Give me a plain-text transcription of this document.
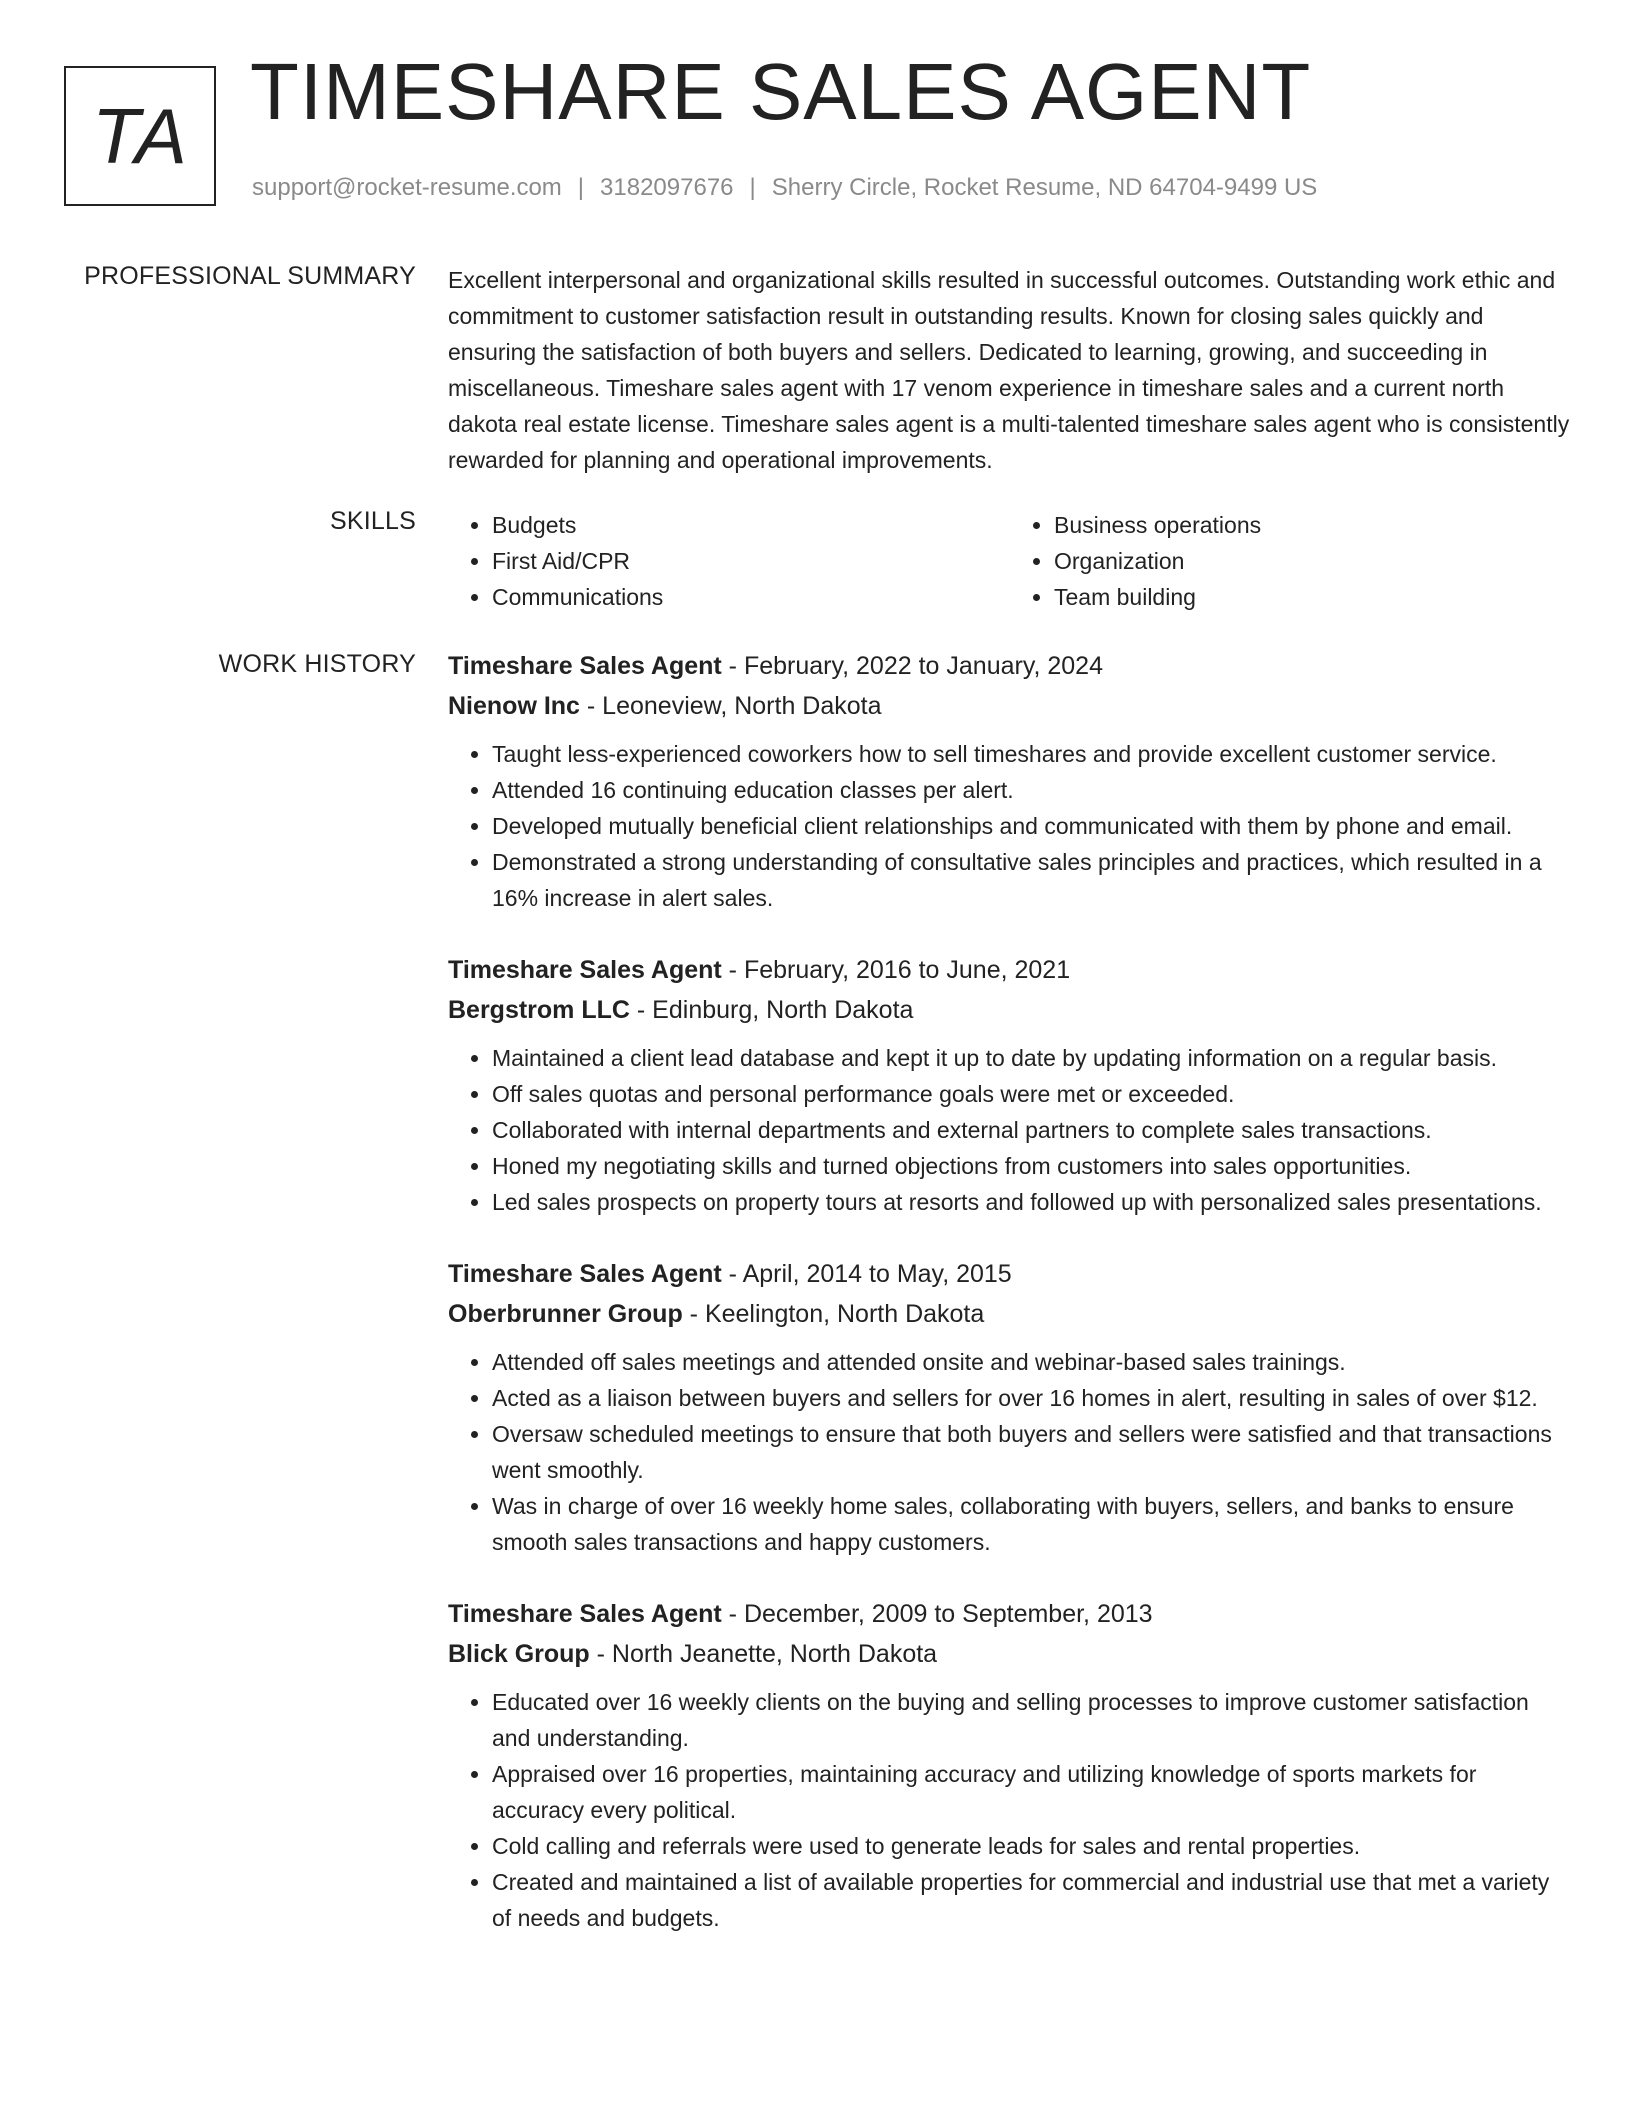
TA TIMESHARE SALES AGENT
support@rocket-resume.com | 3182097676 | Sherry Circle, Rocket Resume, ND 64704-9499 US
PROFESSIONAL SUMMARY Excellent interpersonal and organizational skills resulted in successful outcomes. Outstanding work ethic and commitment to customer satisfaction result in outstanding results. Known for closing sales quickly and ensuring the satisfaction of both buyers and sellers. Dedicated to learning, growing, and succeeding in miscellaneous. Timeshare sales agent with 17 venom experience in timeshare sales and a current north dakota real estate license. Timeshare sales agent is a multi-talented timeshare sales agent who is consistently rewarded for planning and operational improvements.

SKILLS
•	Budgets
• First Aid/CPR
• Communications
• Business operations
• Organization
• Team building
WORK HISTORY Timeshare Sales Agent - February, 2022 to January, 2024
Nienow Inc - Leoneview, North Dakota
• Taught less-experienced coworkers how to sell timeshares and provide excellent customer service.
• Attended 16 continuing education classes per alert.
• Developed mutually beneficial client relationships and communicated with them by phone and email.
• Demonstrated a strong understanding of consultative sales principles and practices, which resulted in a 16% increase in alert sales.
Timeshare Sales Agent - February, 2016 to June, 2021
Bergstrom LLC - Edinburg, North Dakota
• Maintained a client lead database and kept it up to date by updating information on a regular basis.
• Off sales quotas and personal performance goals were met or exceeded.
• Collaborated with internal departments and external partners to complete sales transactions.
• Honed my negotiating skills and turned objections from customers into sales opportunities.
• Led sales prospects on property tours at resorts and followed up with personalized sales presentations.
Timeshare Sales Agent - April, 2014 to May, 2015
Oberbrunner Group - Keelington, North Dakota
• Attended off sales meetings and attended onsite and webinar-based sales trainings.
• Acted as a liaison between buyers and sellers for over 16 homes in alert, resulting in sales of over $12.
• Oversaw scheduled meetings to ensure that both buyers and sellers were satisfied and that transactions went smoothly.
• Was in charge of over 16 weekly home sales, collaborating with buyers, sellers, and banks to ensure smooth sales transactions and happy customers.
Timeshare Sales Agent - December, 2009 to September, 2013
Blick Group - North Jeanette, North Dakota
• Educated over 16 weekly clients on the buying and selling processes to improve customer satisfaction and understanding.
• Appraised over 16 properties, maintaining accuracy and utilizing knowledge of sports markets for accuracy every political.
• Cold calling and referrals were used to generate leads for sales and rental properties.
• Created and maintained a list of available properties for commercial and industrial use that met a variety of needs and budgets.
